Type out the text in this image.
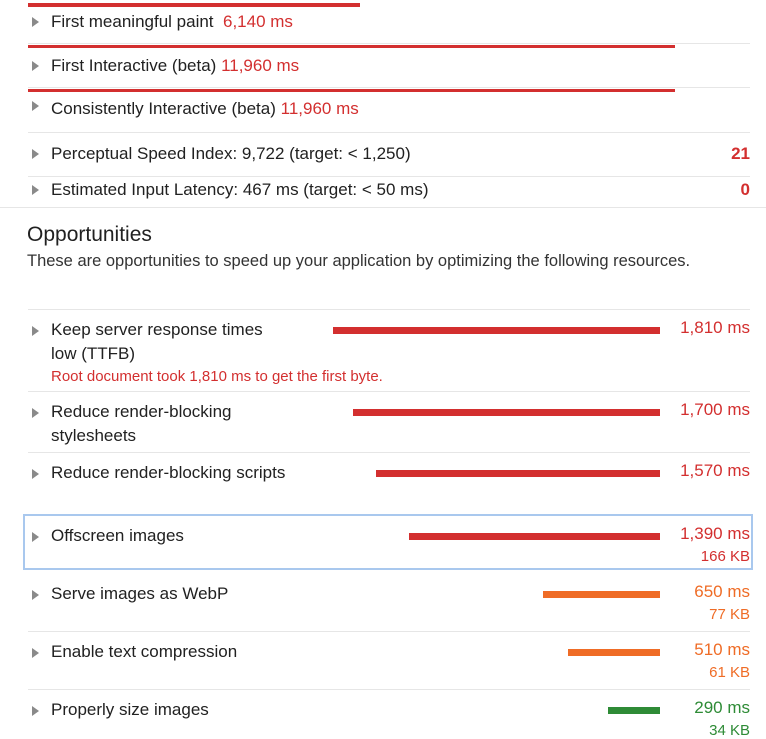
First meaningful paint 6,140 ms
First Interactive (beta) 11,960 ms
Consistently Interactive (beta) 11,960 ms
Perceptual Speed Index: 9,722 (target: < 1,250)	21
Estimated Input Latency: 467 ms (target: < 50 ms)	0
Opportunities
These are opportunities to speed up your application by optimizing the following resources.
Keep server response times low (TTFB)
1,810 ms
Root document took 1,810 ms to get the first byte.
Reduce render-blocking stylesheets
1,700 ms
Reduce render-blocking scripts	1,570 ms
Offscreen images	1,390 ms
166 KB
Serve images as WebP	650 ms
77 KB
Enable text compression	510 ms
61 KB
Properly size images	290 ms
34 KB
